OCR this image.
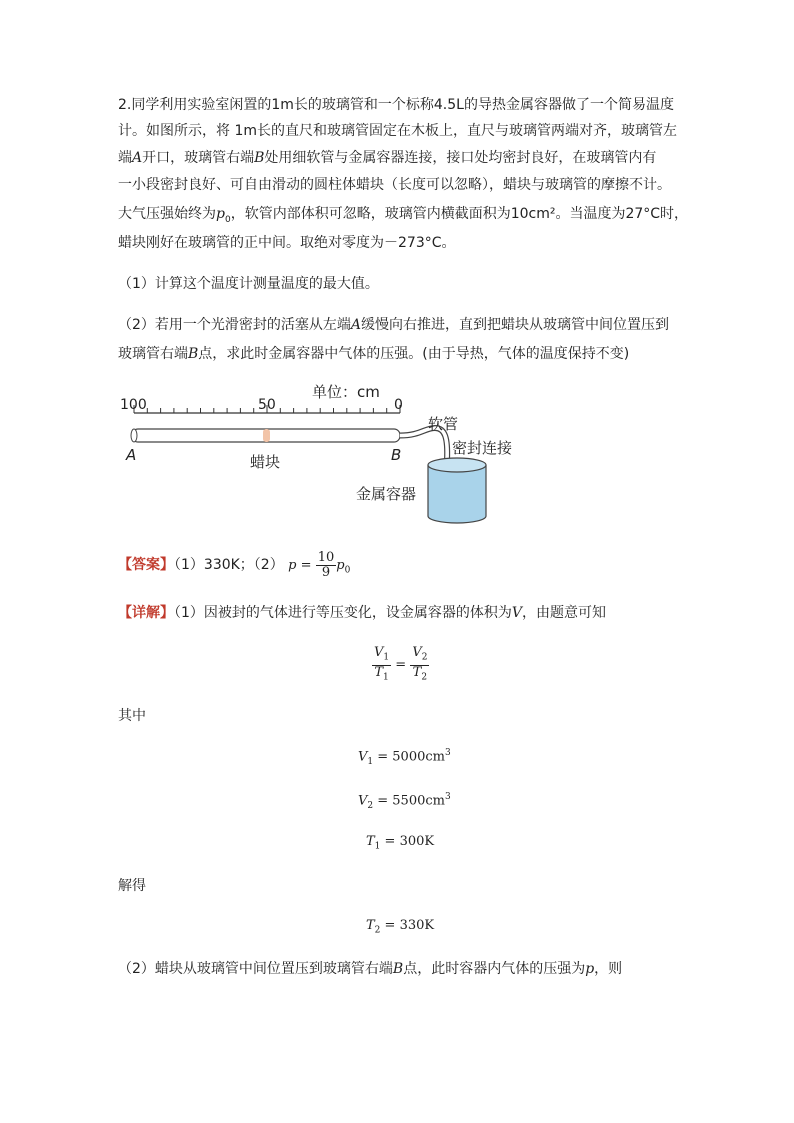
2.同学利用实验室闲置的1m长的玻璃管和一个标称4.5L的导热金属容器做了一个简易温度
计。如图所示，将 1m长的直尺和玻璃管固定在木板上，直尺与玻璃管两端对齐，玻璃管左
端A开口，玻璃管右端B处用细软管与金属容器连接，接口处均密封良好，在玻璃管内有
一小段密封良好、可自由滑动的圆柱体蜡块（长度可以忽略），蜡块与玻璃管的摩擦不计。
大气压强始终为$p_0$，软管内部体积可忽略，玻璃管内横截面积为10cm²。当温度为27°C时，
蜡块刚好在玻璃管的正中间。取绝对零度为－273°C。
（1）计算这个温度计测量温度的最大值。
（2）若用一个光滑密封的活塞从左端A缓慢向右推进，直到把蜡块从玻璃管中间位置压到
玻璃管右端B点，求此时金属容器中气体的压强。(由于导热，气体的温度保持不变)
100	50	0
单位：cm
A	B
蜡块
软管
密封连接
金属容器
【答案】（1）330K；（2） $p = \frac{10}{9} p_0$
【详解】（1）因被封的气体进行等压变化，设金属容器的体积为V，由题意可知
$\frac{V_1}{T_1} = \frac{V_2}{T_2}$
其中
$V_1 = 5000cm^3$
$V_2 = 5500cm^3$
$T_1 = 300K$
解得
$T_2 = 330K$
（2）蜡块从玻璃管中间位置压到玻璃管右端B点，此时容器内气体的压强为p，则
